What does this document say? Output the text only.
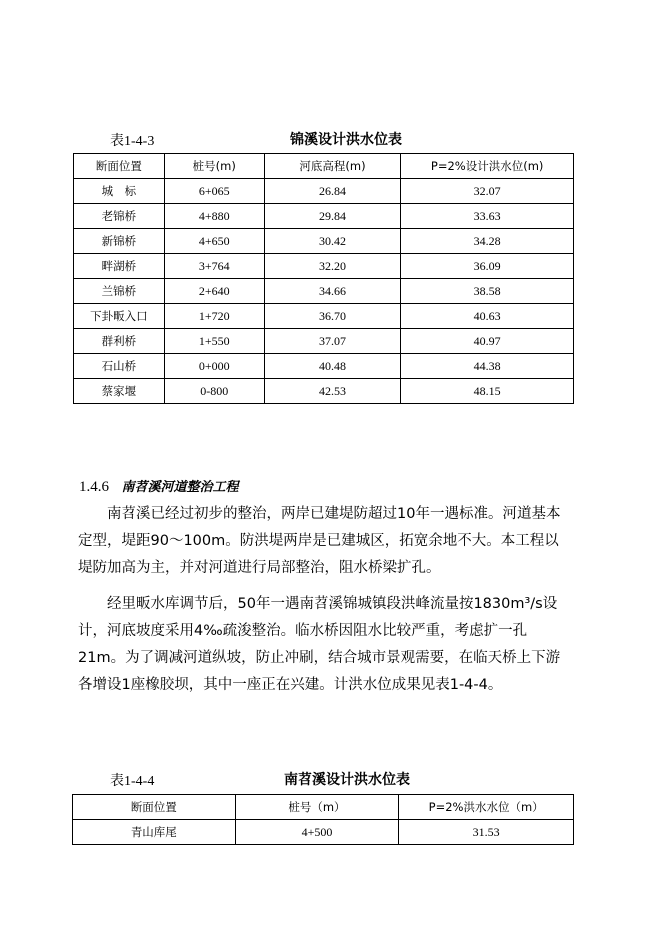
表1-4-3	锦溪设计洪水位表
断面位置	桩号(m)	河底高程(m)	P=2%设计洪水位(m)
城　标	6+065	26.84	32.07
老锦桥	4+880	29.84	33.63
新锦桥	4+650	30.42	34.28
畔湖桥	3+764	32.20	36.09
兰锦桥	2+640	34.66	38.58
下卦畈入口	1+720	36.70	40.63
群利桥	1+550	37.07	40.97
石山桥	0+000	40.48	44.38
蔡家堰	0-800	42.53	48.15
1.4.6 南苕溪河道整治工程

南苕溪已经过初步的整治，两岸已建堤防超过10年一遇标准。河道基本定型，堤距90～100m。防洪堤两岸是已建城区，拓宽余地不大。本工程以堤防加高为主，并对河道进行局部整治，阻水桥梁扩孔。

经里畈水库调节后，50年一遇南苕溪锦城镇段洪峰流量按1830m³/s设计，河底坡度采用4‰疏浚整治。临水桥因阻水比较严重，考虑扩一孔21m。为了调减河道纵坡，防止冲刷，结合城市景观需要，在临天桥上下游各增设1座橡胶坝，其中一座正在兴建。计洪水位成果见表1-4-4。

表1-4-4	南苕溪设计洪水位表
断面位置	桩号（m）	P=2%洪水水位（m）
青山库尾	4+500	31.53
